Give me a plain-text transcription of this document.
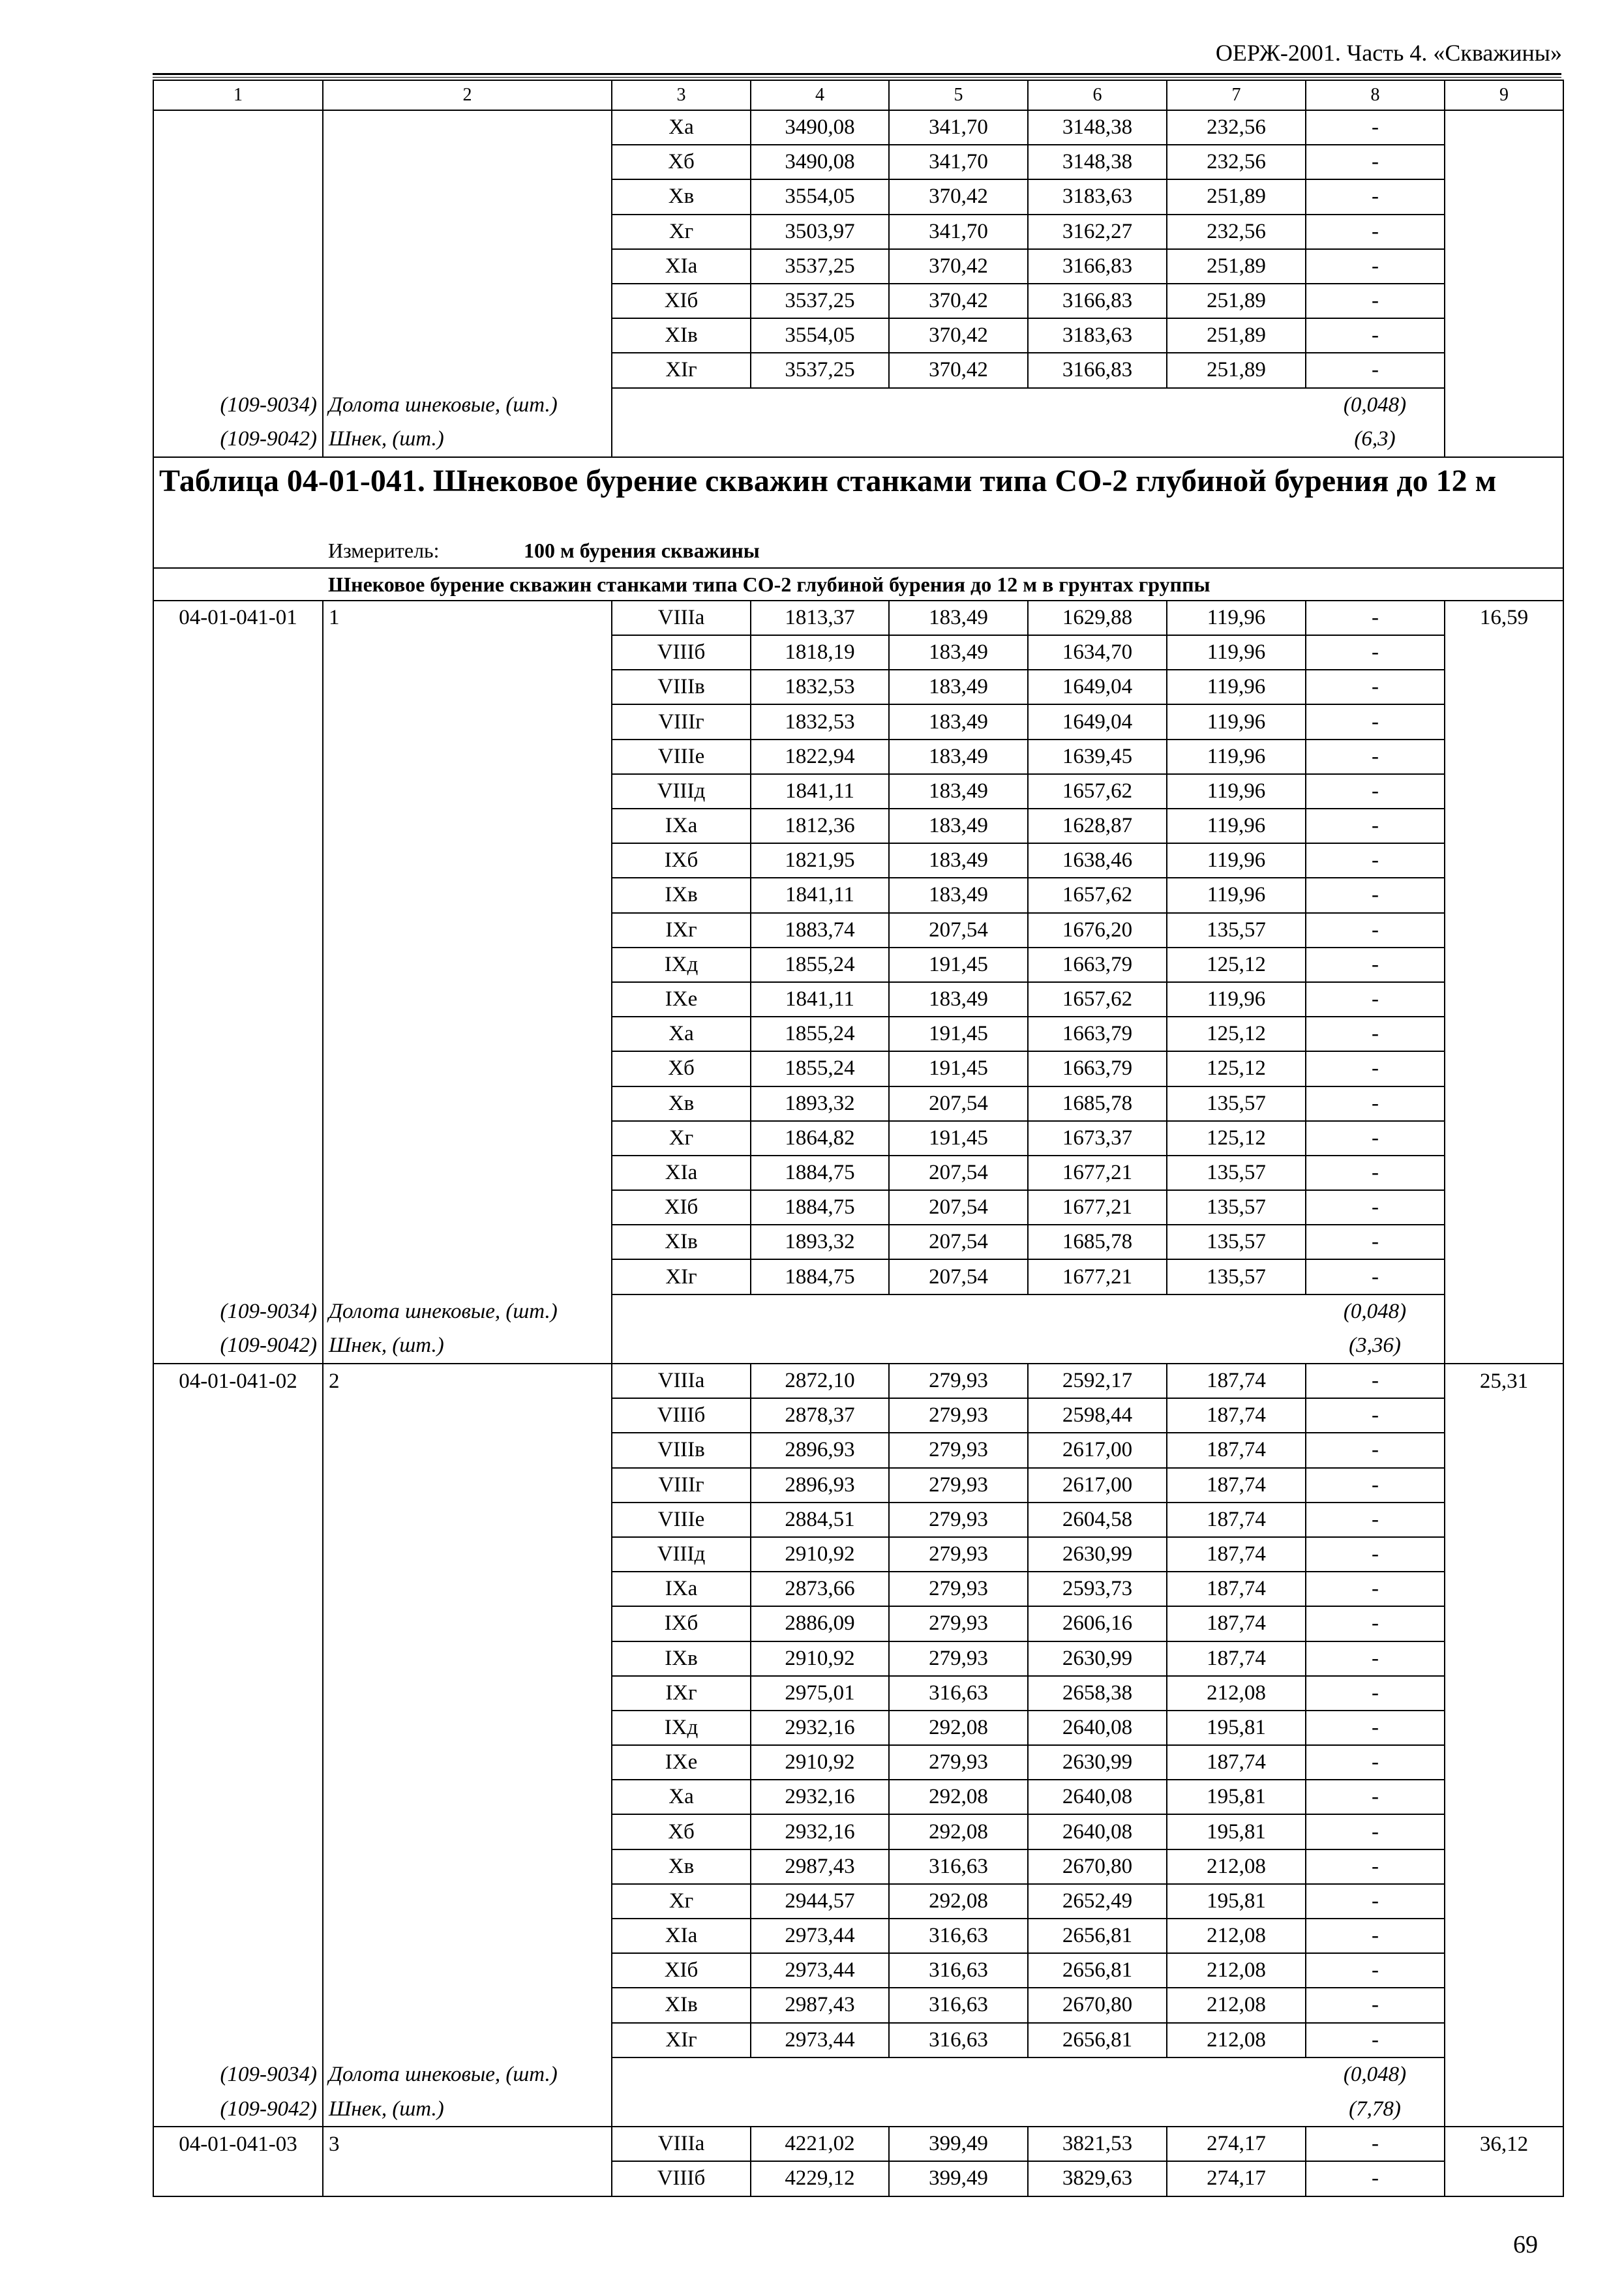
ОЕРЖ-2001. Часть 4. «Скважины»
1	2	3	4	5	6	7	8	9
		Xa	3490,08	341,70	3148,38	232,56	-	
		Xб	3490,08	341,70	3148,38	232,56	-	
		Xв	3554,05	370,42	3183,63	251,89	-	
		Xг	3503,97	341,70	3162,27	232,56	-	
		XIa	3537,25	370,42	3166,83	251,89	-	
		XIб	3537,25	370,42	3166,83	251,89	-	
		XIв	3554,05	370,42	3183,63	251,89	-	
		XIг	3537,25	370,42	3166,83	251,89	-	
(109-9034)	Долота шнековые, (шт.)						(0,048)	
(109-9042)	Шнек, (шт.)						(6,3)	
Таблица 04-01-041. Шнековое бурение скважин станками типа СО-2 глубиной бурения до 12 м								
	Измеритель: 100 м бурения скважины							
	Шнековое бурение скважин станками типа СО-2 глубиной бурения до 12 м в грунтах группы							
04-01-041-01	1	VIIIa	1813,37	183,49	1629,88	119,96	-	16,59
		VIIIб	1818,19	183,49	1634,70	119,96	-	
		VIIIв	1832,53	183,49	1649,04	119,96	-	
		VIIIг	1832,53	183,49	1649,04	119,96	-	
		VIIIe	1822,94	183,49	1639,45	119,96	-	
		VIIIд	1841,11	183,49	1657,62	119,96	-	
		IXa	1812,36	183,49	1628,87	119,96	-	
		IXб	1821,95	183,49	1638,46	119,96	-	
		IXв	1841,11	183,49	1657,62	119,96	-	
		IXг	1883,74	207,54	1676,20	135,57	-	
		IXд	1855,24	191,45	1663,79	125,12	-	
		IXe	1841,11	183,49	1657,62	119,96	-	
		Xa	1855,24	191,45	1663,79	125,12	-	
		Xб	1855,24	191,45	1663,79	125,12	-	
		Xв	1893,32	207,54	1685,78	135,57	-	
		Xг	1864,82	191,45	1673,37	125,12	-	
		XIa	1884,75	207,54	1677,21	135,57	-	
		XIб	1884,75	207,54	1677,21	135,57	-	
		XIв	1893,32	207,54	1685,78	135,57	-	
		XIг	1884,75	207,54	1677,21	135,57	-	
(109-9034)	Долота шнековые, (шт.)						(0,048)	
(109-9042)	Шнек, (шт.)						(3,36)	
04-01-041-02	2	VIIIa	2872,10	279,93	2592,17	187,74	-	25,31
		VIIIб	2878,37	279,93	2598,44	187,74	-	
		VIIIв	2896,93	279,93	2617,00	187,74	-	
		VIIIг	2896,93	279,93	2617,00	187,74	-	
		VIIIe	2884,51	279,93	2604,58	187,74	-	
		VIIIд	2910,92	279,93	2630,99	187,74	-	
		IXa	2873,66	279,93	2593,73	187,74	-	
		IXб	2886,09	279,93	2606,16	187,74	-	
		IXв	2910,92	279,93	2630,99	187,74	-	
		IXг	2975,01	316,63	2658,38	212,08	-	
		IXд	2932,16	292,08	2640,08	195,81	-	
		IXe	2910,92	279,93	2630,99	187,74	-	
		Xa	2932,16	292,08	2640,08	195,81	-	
		Xб	2932,16	292,08	2640,08	195,81	-	
		Xв	2987,43	316,63	2670,80	212,08	-	
		Xг	2944,57	292,08	2652,49	195,81	-	
		XIa	2973,44	316,63	2656,81	212,08	-	
		XIб	2973,44	316,63	2656,81	212,08	-	
		XIв	2987,43	316,63	2670,80	212,08	-	
		XIг	2973,44	316,63	2656,81	212,08	-	
(109-9034)	Долота шнековые, (шт.)						(0,048)	
(109-9042)	Шнек, (шт.)						(7,78)	
04-01-041-03	3	VIIIa	4221,02	399,49	3821,53	274,17	-	36,12
		VIIIб	4229,12	399,49	3829,63	274,17	-	
69
